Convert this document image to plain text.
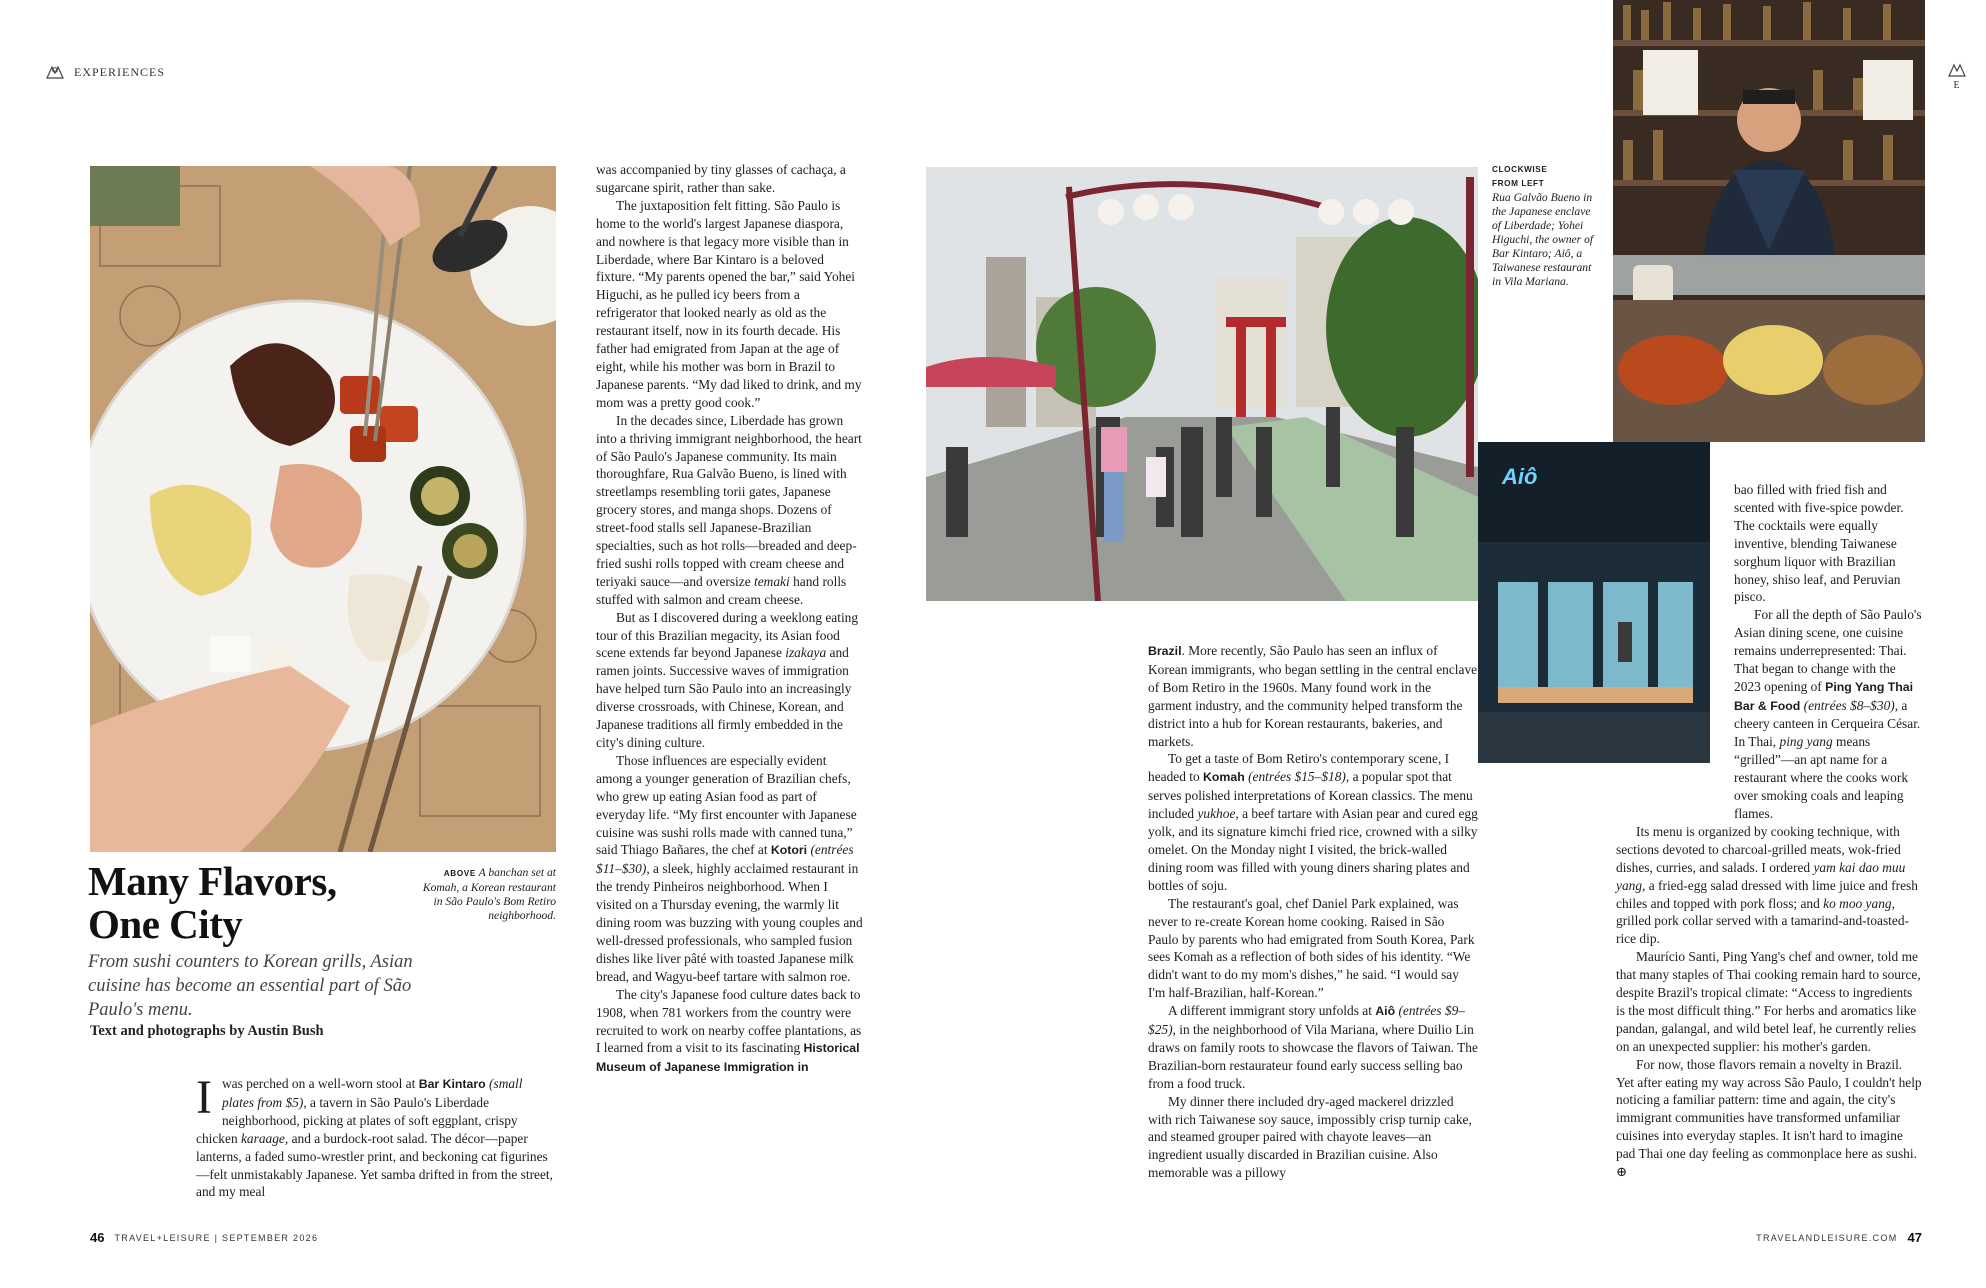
EXPERIENCES
E
ABOVE A banchan set at Komah, a Korean restaurant in São Paulo's Bom Retiro neighborhood.
Many Flavors,
One City
From sushi counters to Korean grills, Asian cuisine has become an essential part of São Paulo's menu.
Text and photographs by Austin Bush

Iwas perched on a well-worn stool at Bar Kintaro (small plates from $5), a tavern in São Paulo's Liberdade neighborhood, picking at plates of soft eggplant, crispy chicken karaage, and a burdock-root salad. The décor—paper lanterns, a faded sumo-wrestler print, and beckoning cat figurines—felt unmistakably Japanese. Yet samba drifted in from the street, and my meal

was accompanied by tiny glasses of cachaça, a sugarcane spirit, rather than sake.

The juxtaposition felt fitting. São Paulo is home to the world's largest Japanese diaspora, and nowhere is that legacy more visible than in Liberdade, where Bar Kintaro is a beloved fixture. “My parents opened the bar,” said Yohei Higuchi, as he pulled icy beers from a refrigerator that looked nearly as old as the restaurant itself, now in its fourth decade. His father had emigrated from Japan at the age of eight, while his mother was born in Brazil to Japanese parents. “My dad liked to drink, and my mom was a pretty good cook.”

In the decades since, Liberdade has grown into a thriving immigrant neighborhood, the heart of São Paulo's Japanese community. Its main thoroughfare, Rua Galvão Bueno, is lined with streetlamps resembling torii gates, Japanese grocery stores, and manga shops. Dozens of street-food stalls sell Japanese-Brazilian specialties, such as hot rolls—breaded and deep-fried sushi rolls topped with cream cheese and teriyaki sauce—and oversize temaki hand rolls stuffed with salmon and cream cheese.

But as I discovered during a weeklong eating tour of this Brazilian megacity, its Asian food scene extends far beyond Japanese izakaya and ramen joints. Successive waves of immigration have helped turn São Paulo into an increasingly diverse crossroads, with Chinese, Korean, and Japanese traditions all firmly embedded in the city's dining culture.

Those influences are especially evident among a younger generation of Brazilian chefs, who grew up eating Asian food as part of everyday life. “My first encounter with Japanese cuisine was sushi rolls made with canned tuna,” said Thiago Bañares, the chef at Kotori (entrées $11–$30), a sleek, highly acclaimed restaurant in the trendy Pinheiros neighborhood. When I visited on a Thursday evening, the warmly lit dining room was buzzing with young couples and well-dressed professionals, who sampled fusion dishes like liver pâté with toasted Japanese milk bread, and Wagyu-beef tartare with salmon roe.

The city's Japanese food culture dates back to 1908, when 781 workers from the country were recruited to work on nearby coffee plantations, as I learned from a visit to its fascinating Historical Museum of Japanese Immigration in

CLOCKWISE
FROM LEFT
Rua Galvão Bueno in the Japanese enclave of Liberdade; Yohei Higuchi, the owner of Bar Kintaro; Aiô, a Taiwanese restaurant in Vila Mariana.
Aiô

Brazil. More recently, São Paulo has seen an influx of Korean immigrants, who began settling in the central enclave of Bom Retiro in the 1960s. Many found work in the garment industry, and the community helped transform the district into a hub for Korean restaurants, bakeries, and markets.

To get a taste of Bom Retiro's contemporary scene, I headed to Komah (entrées $15–$18), a popular spot that serves polished interpretations of Korean classics. The menu included yukhoe, a beef tartare with Asian pear and cured egg yolk, and its signature kimchi fried rice, crowned with a silky omelet. On the Monday night I visited, the brick-walled dining room was filled with young diners sharing plates and bottles of soju.

The restaurant's goal, chef Daniel Park explained, was never to re-create Korean home cooking. Raised in São Paulo by parents who had emigrated from South Korea, Park sees Komah as a reflection of both sides of his identity. “We didn't want to do my mom's dishes,” he said. “I would say I'm half-Brazilian, half-Korean.”

A different immigrant story unfolds at Aiô (entrées $9–$25), in the neighborhood of Vila Mariana, where Duilio Lin draws on family roots to showcase the flavors of Taiwan. The Brazilian-born restaurateur found early success selling bao from a food truck.

My dinner there included dry-aged mackerel drizzled with rich Taiwanese soy sauce, impossibly crisp turnip cake, and steamed grouper paired with chayote leaves—an ingredient usually discarded in Brazilian cuisine. Also memorable was a pillowy

bao filled with fried fish and scented with five-spice powder. The cocktails were equally inventive, blending Taiwanese sorghum liquor with Brazilian honey, shiso leaf, and Peruvian pisco.

For all the depth of São Paulo's Asian dining scene, one cuisine remains underrepresented: Thai. That began to change with the 2023 opening of Ping Yang Thai Bar & Food (entrées $8–$30), a cheery canteen in Cerqueira César. In Thai, ping yang means “grilled”—an apt name for a restaurant where the cooks work over smoking coals and leaping flames.

Its menu is organized by cooking technique, with sections devoted to charcoal-grilled meats, wok-fried dishes, curries, and salads. I ordered yam kai dao muu yang, a fried-egg salad dressed with lime juice and fresh chiles and topped with pork floss; and ko moo yang, grilled pork collar served with a tamarind-and-toasted-rice dip.

Maurício Santi, Ping Yang's chef and owner, told me that many staples of Thai cooking remain hard to source, despite Brazil's tropical climate: “Access to ingredients is the most difficult thing.” For herbs and aromatics like pandan, galangal, and wild betel leaf, he currently relies on an unexpected supplier: his mother's garden.

For now, those flavors remain a novelty in Brazil. Yet after eating my way across São Paulo, I couldn't help noticing a familiar pattern: time and again, the city's immigrant communities have transformed unfamiliar cuisines into everyday staples. It isn't hard to imagine pad Thai one day feeling as commonplace here as sushi. ⊕

46 TRAVEL+LEISURE | SEPTEMBER 2026	TRAVELANDLEISURE.COM 47
